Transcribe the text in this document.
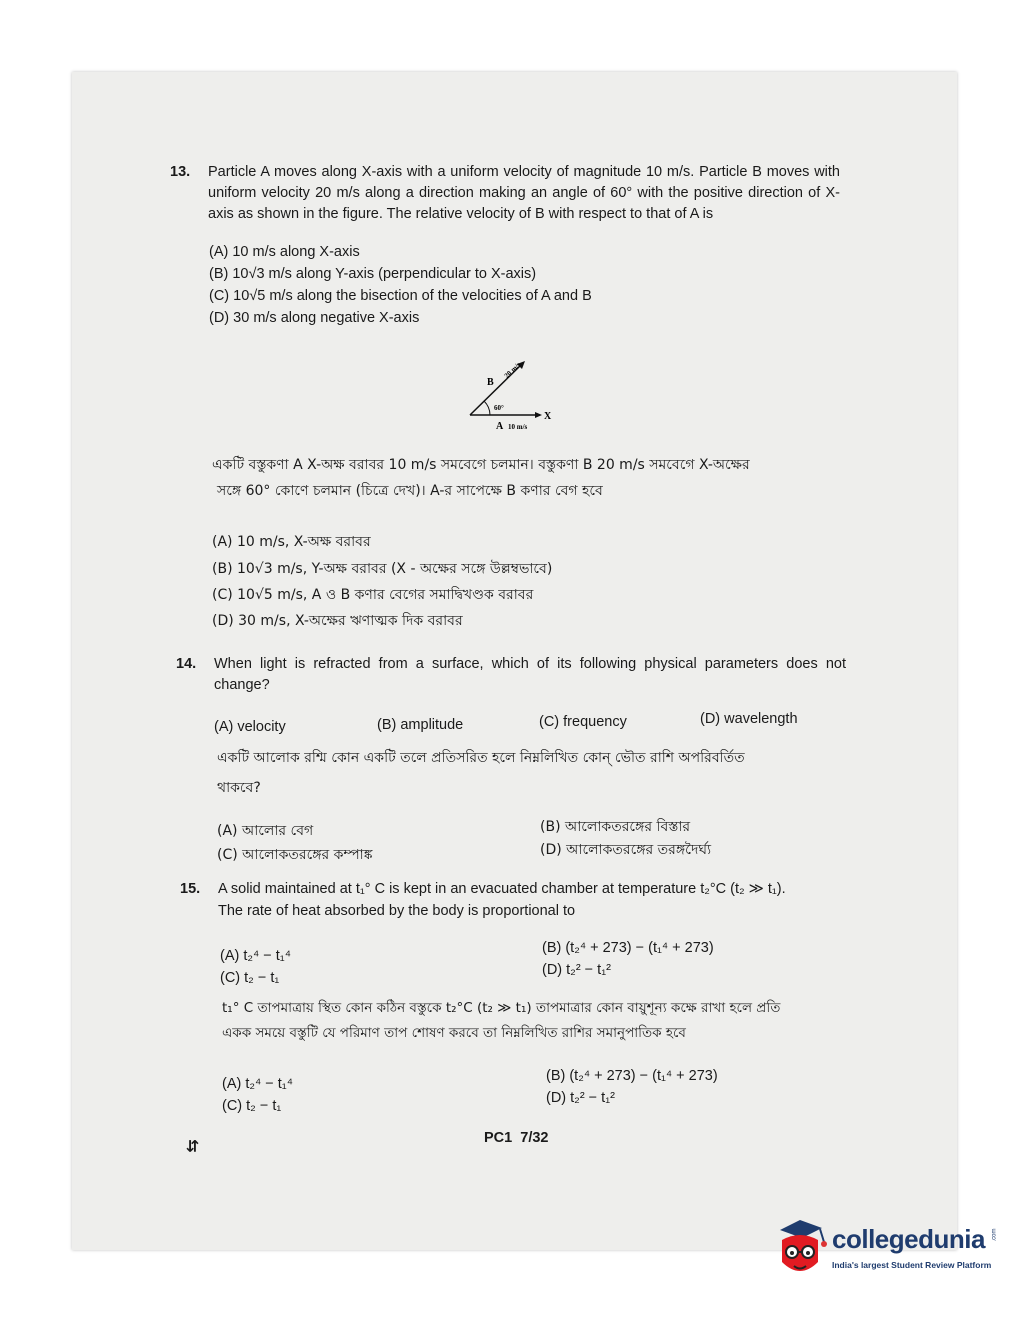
13. Particle A moves along X-axis with a uniform velocity of magnitude 10 m/s. Particle B moves with uniform velocity 20 m/s along a direction making an angle of 60° with the positive direction of X-axis as shown in the figure. The relative velocity of B with respect to that of A is
(A) 10 m/s along X-axis
(B) 10√3 m/s along Y-axis (perpendicular to X-axis)
(C) 10√5 m/s along the bisection of the velocities of A and B
(D) 30 m/s along negative X-axis
B
A
X
60°
10 m/s
20 m/s
একটি বস্তুকণা A X-অক্ষ বরাবর 10 m/s সমবেগে চলমান। বস্তুকণা B 20 m/s সমবেগে X-অক্ষের
সঙ্গে 60° কোণে চলমান (চিত্রে দেখ)। A-র সাপেক্ষে B কণার বেগ হবে
(A) 10 m/s, X-অক্ষ বরাবর
(B) 10√3 m/s, Y-অক্ষ বরাবর (X - অক্ষের সঙ্গে উল্লম্বভাবে)
(C) 10√5 m/s, A ও B কণার বেগের সমাদ্বিখণ্ডক বরাবর
(D) 30 m/s, X-অক্ষের ঋণাত্মক দিক বরাবর
14. When light is refracted from a surface, which of its following physical parameters does not change?
(A) velocity	(B) amplitude	(C) frequency	(D) wavelength
একটি আলোক রশ্মি কোন একটি তলে প্রতিসরিত হলে নিম্নলিখিত কোন্ ভৌত রাশি অপরিবর্তিত
থাকবে?
(A) আলোর বেগ	(B) আলোকতরঙ্গের বিস্তার
(C) আলোকতরঙ্গের কম্পাঙ্ক	(D) আলোকতরঙ্গের তরঙ্গদৈর্ঘ্য
15. A solid maintained at t₁° C is kept in an evacuated chamber at temperature t₂°C (t₂ ≫ t₁).
The rate of heat absorbed by the body is proportional to
(A) t₂⁴ − t₁⁴	(B) (t₂⁴ + 273) − (t₁⁴ + 273)
(C) t₂ − t₁	(D) t₂² − t₁²
t₁° C তাপমাত্রায় স্থিত কোন কঠিন বস্তুকে t₂°C (t₂ ≫ t₁) তাপমাত্রার কোন বায়ুশূন্য কক্ষে রাখা হলে প্রতি
একক সময়ে বস্তুটি যে পরিমাণ তাপ শোষণ করবে তা নিম্নলিখিত রাশির সমানুপাতিক হবে
(A) t₂⁴ − t₁⁴	(B) (t₂⁴ + 273) − (t₁⁴ + 273)
(C) t₂ − t₁	(D) t₂² − t₁²
PC1  7/32
⇆
collegedunia .com
India's largest Student Review Platform
